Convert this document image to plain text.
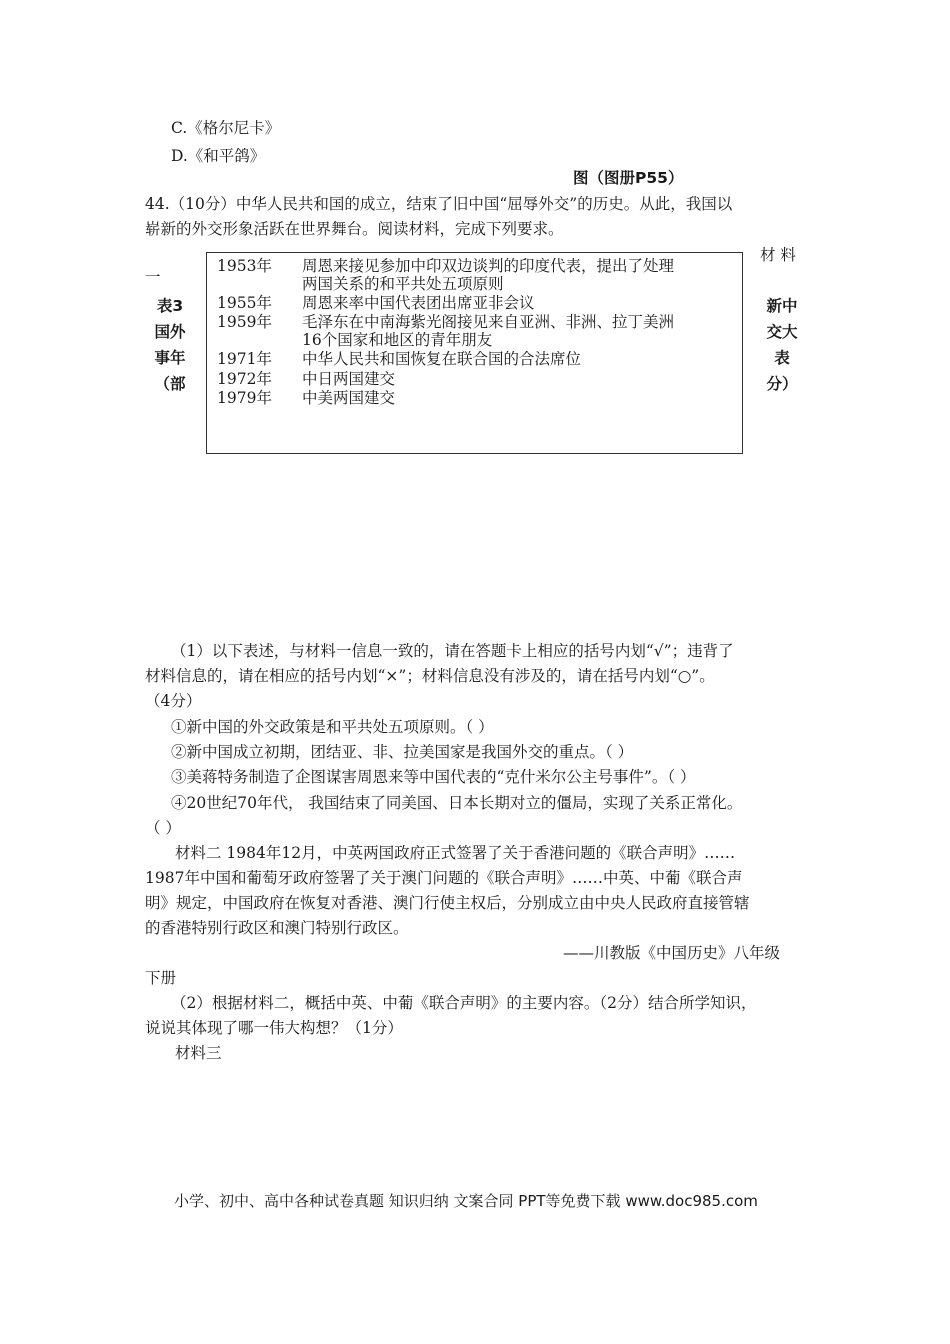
C.《格尔尼卡》
D.《和平鸽》
图（图册P55）
44.（10分）中华人民共和国的成立，结束了旧中国“屈辱外交”的历史。从此，我国以
崭新的外交形象活跃在世界舞台。阅读材料，完成下列要求。
材 料
一
表3
国外
事年
（部
新中
交大
表
分）
1953年 周恩来接见参加中印双边谈判的印度代表，提出了处理
两国关系的和平共处五项原则
1955年 周恩来率中国代表团出席亚非会议
1959年 毛泽东在中南海紫光阁接见来自亚洲、非洲、拉丁美洲
16个国家和地区的青年朋友
1971年 中华人民共和国恢复在联合国的合法席位
1972年 中日两国建交
1979年 中美两国建交
（1）以下表述，与材料一信息一致的，请在答题卡上相应的括号内划“√”；违背了
材料信息的，请在相应的括号内划“×”；材料信息没有涉及的，请在括号内划“○”。
（4分）
①新中国的外交政策是和平共处五项原则。（ ）
②新中国成立初期，团结亚、非、拉美国家是我国外交的重点。（ ）
③美蒋特务制造了企图谋害周恩来等中国代表的“克什米尔公主号事件”。（ ）
④20世纪70年代， 我国结束了同美国、日本长期对立的僵局，实现了关系正常化。
（ ）
材料二 1984年12月，中英两国政府正式签署了关于香港问题的《联合声明》……
1987年中国和葡萄牙政府签署了关于澳门问题的《联合声明》……中英、中葡《联合声
明》规定，中国政府在恢复对香港、澳门行使主权后，分别成立由中央人民政府直接管辖
的香港特别行政区和澳门特别行政区。
——川教版《中国历史》八年级
下册
（2）根据材料二，概括中英、中葡《联合声明》的主要内容。（2分）结合所学知识，
说说其体现了哪一伟大构想？（1分）
材料三
小学、初中、高中各种试卷真题 知识归纳 文案合同 PPT等免费下载 www.doc985.com
